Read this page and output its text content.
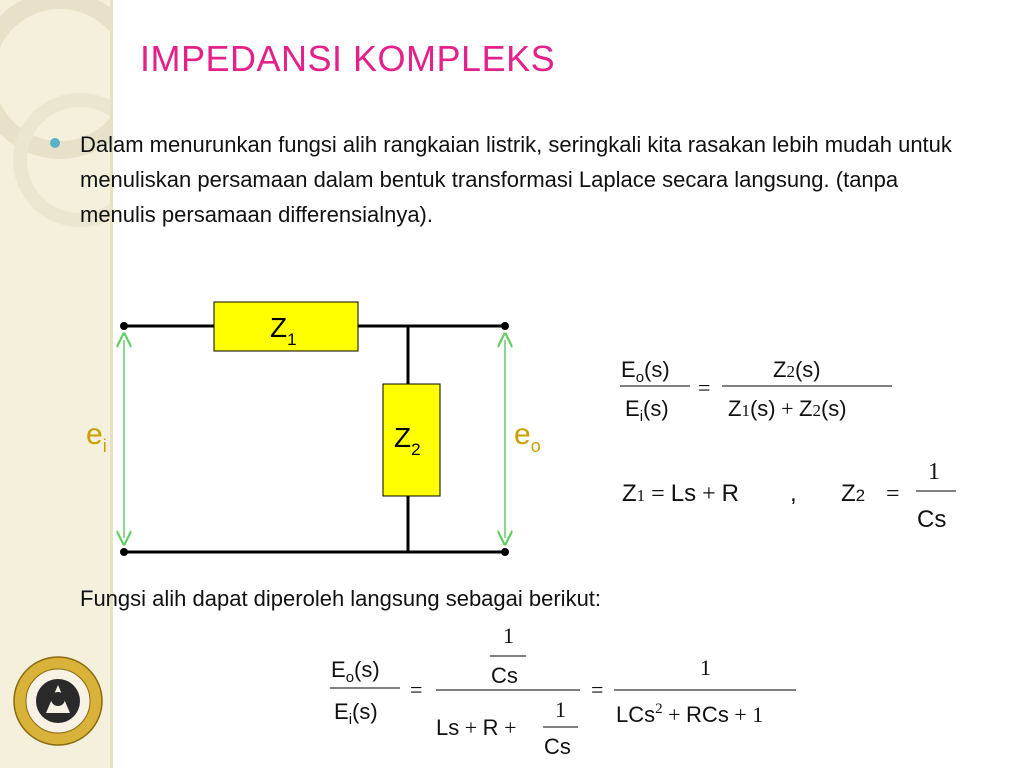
IMPEDANSI KOMPLEKS
Dalam menurunkan fungsi alih rangkaian listrik, seringkali kita rasakan lebih mudah untuk menuliskan persamaan dalam bentuk transformasi Laplace secara langsung. (tanpa menulis persamaan differensialnya).
$Z_1$
$Z_2$
$e_i$	$e_o$
$E_o(s)$
$E_i(s)$
=
Z2(s)
Z1(s) + Z2(s)
Z1 = Ls + R , Z2 =
1
Cs
Fungsi alih dapat diperoleh langsung sebagai berikut:
$E_o(s)$
$E_i(s)$
=
1
Cs
Ls + R +
1
Cs
=
1
LCs$^2$ + RCs + 1
